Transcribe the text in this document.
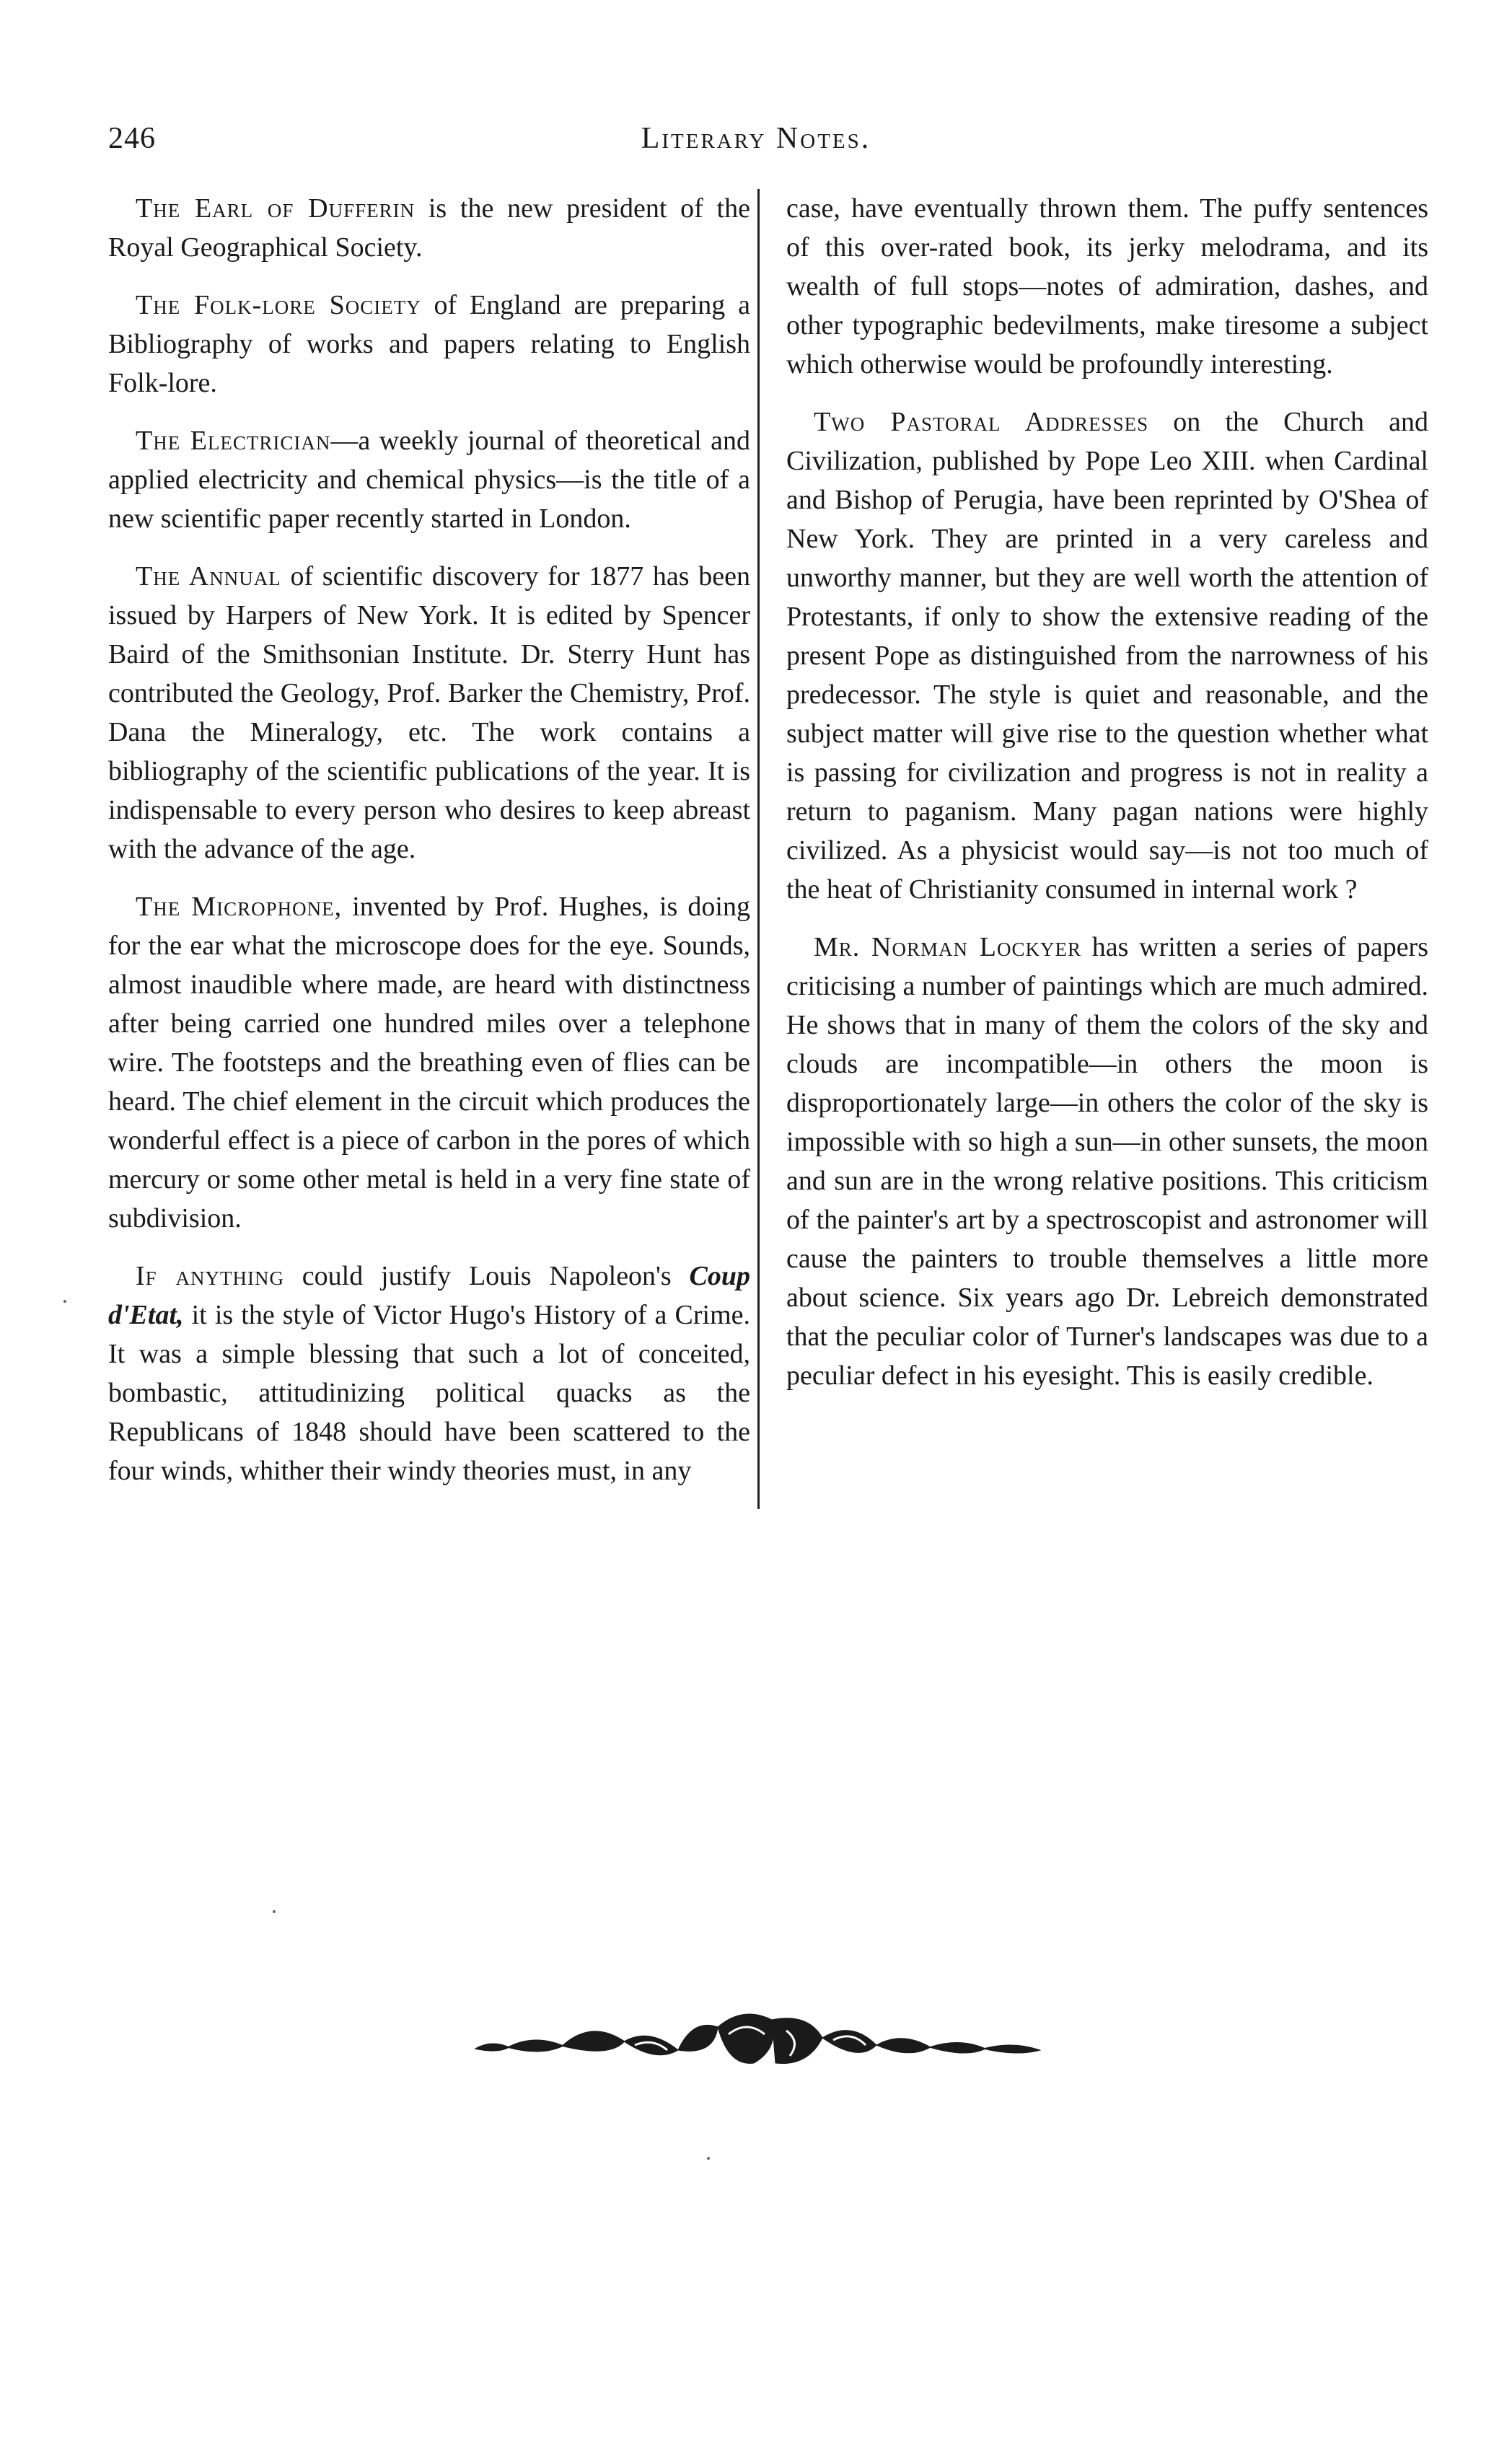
246	Literary Notes.

The Earl of Dufferin is the new president of the Royal Geographical Society.

The Folk-lore Society of England are preparing a Bibliography of works and papers relating to English Folk-lore.

The Electrician—a weekly journal of theoretical and applied electricity and chemical physics—is the title of a new scientific paper recently started in London.

The Annual of scientific discovery for 1877 has been issued by Harpers of New York. It is edited by Spencer Baird of the Smithsonian Institute. Dr. Sterry Hunt has contributed the Geology, Prof. Barker the Chemistry, Prof. Dana the Mineralogy, etc. The work contains a bibliography of the scientific publications of the year. It is indispensable to every person who desires to keep abreast with the advance of the age.

The Microphone, invented by Prof. Hughes, is doing for the ear what the microscope does for the eye. Sounds, almost inaudible where made, are heard with distinctness after being carried one hundred miles over a telephone wire. The footsteps and the breathing even of flies can be heard. The chief element in the circuit which produces the wonderful effect is a piece of carbon in the pores of which mercury or some other metal is held in a very fine state of subdivision.

If anything could justify Louis Napoleon's Coup d'Etat, it is the style of Victor Hugo's History of a Crime. It was a simple blessing that such a lot of conceited, bombastic, attitudinizing political quacks as the Republicans of 1848 should have been scattered to the four winds, whither their windy theories must, in any

case, have eventually thrown them. The puffy sentences of this over-rated book, its jerky melodrama, and its wealth of full stops—notes of admiration, dashes, and other typographic bedevilments, make tiresome a subject which otherwise would be profoundly interesting.

Two Pastoral Addresses on the Church and Civilization, published by Pope Leo XIII. when Cardinal and Bishop of Perugia, have been reprinted by O'Shea of New York. They are printed in a very careless and unworthy manner, but they are well worth the attention of Protestants, if only to show the extensive reading of the present Pope as distinguished from the narrowness of his predecessor. The style is quiet and reasonable, and the subject matter will give rise to the question whether what is passing for civilization and progress is not in reality a return to paganism. Many pagan nations were highly civilized. As a physicist would say—is not too much of the heat of Christianity consumed in internal work ?

Mr. Norman Lockyer has written a series of papers criticising a number of paintings which are much admired. He shows that in many of them the colors of the sky and clouds are incompatible—in others the moon is disproportionately large—in others the color of the sky is impossible with so high a sun—in other sunsets, the moon and sun are in the wrong relative positions. This criticism of the painter's art by a spectroscopist and astronomer will cause the painters to trouble themselves a little more about science. Six years ago Dr. Lebreich demonstrated that the peculiar color of Turner's landscapes was due to a peculiar defect in his eyesight. This is easily credible.
